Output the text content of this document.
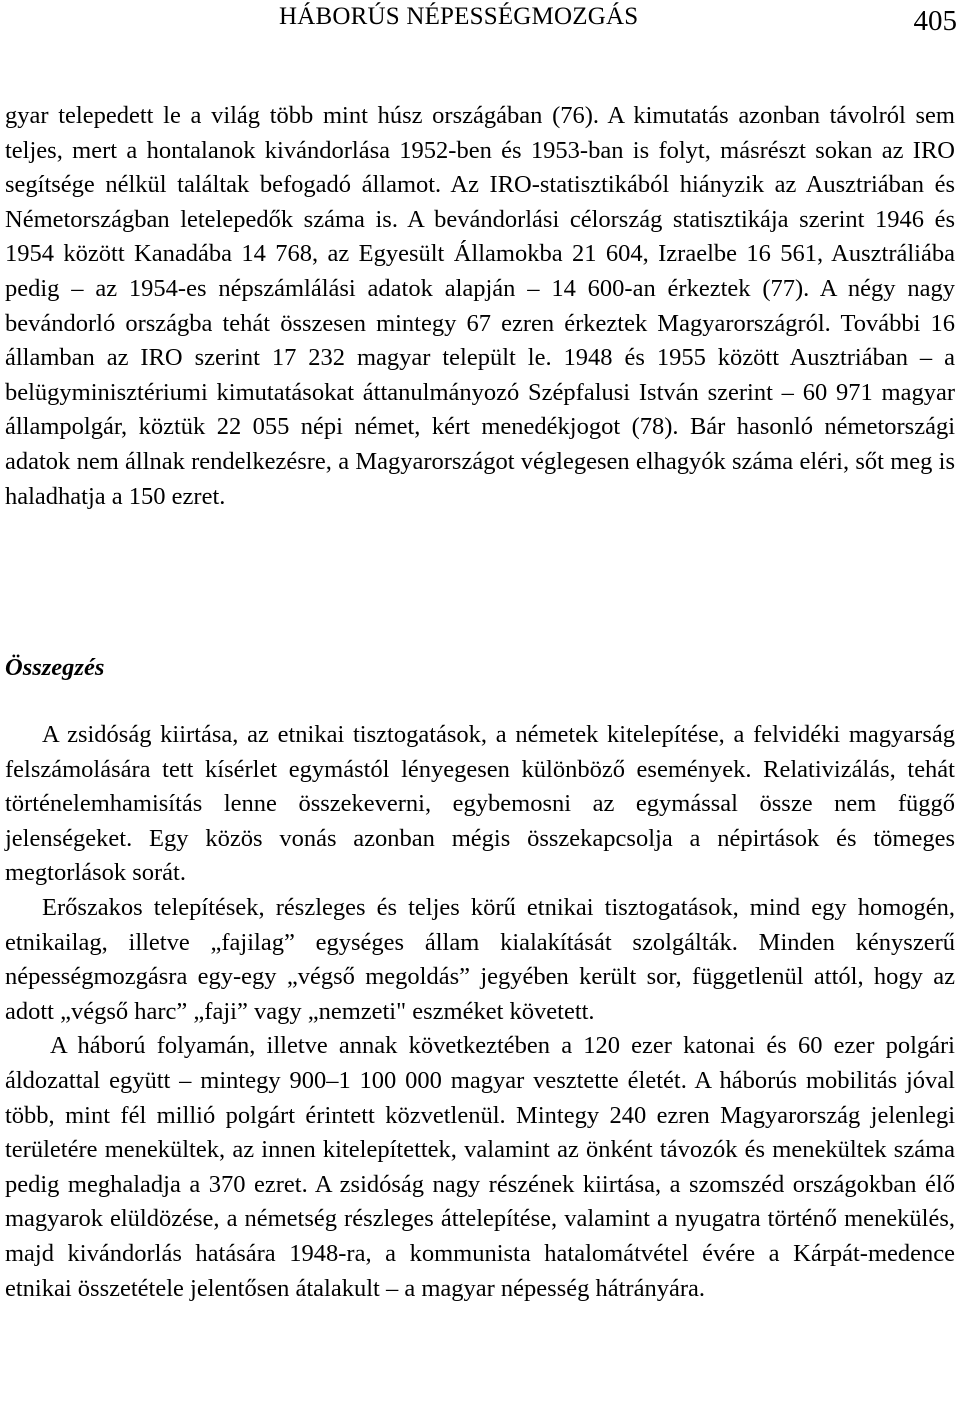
HÁBORÚS NÉPESSÉGMOZGÁS	405

gyar telepedett le a világ több mint húsz országában (76). A kimutatás azonban távolról sem teljes, mert a hontalanok kivándorlása 1952-ben és 1953-ban is folyt, másrészt sokan az IRO segítsége nélkül találtak befogadó államot. Az IRO-statisztikából hiányzik az Ausztriában és Németországban letelepedők száma is. A bevándorlási célország statisztikája szerint 1946 és 1954 között Kanadába 14 768, az Egyesült Államokba 21 604, Izraelbe 16 561, Ausztráliába pedig – az 1954-es népszámlálási adatok alapján – 14 600-an érkeztek (77). A négy nagy bevándorló országba tehát összesen mintegy 67 ezren érkeztek Magyarországról. További 16 államban az IRO szerint 17 232 magyar települt le. 1948 és 1955 között Ausztriában – a belügyminisztériumi kimutatásokat áttanulmányozó Szépfalusi István szerint – 60 971 magyar állampolgár, köztük 22 055 népi német, kért menedékjogot (78). Bár hasonló németországi adatok nem állnak rendelkezésre, a Magyarországot véglegesen elhagyók száma eléri, sőt meg is haladhatja a 150 ezret.

Összegzés

A zsidóság kiirtása, az etnikai tisztogatások, a németek kitelepítése, a felvidéki magyarság felszámolására tett kísérlet egymástól lényegesen különböző események. Relativizálás, tehát történelemhamisítás lenne összekeverni, egybemosni az egymással össze nem függő jelenségeket. Egy közös vonás azonban mégis összekapcsolja a népirtások és tömeges megtorlások sorát.

Erőszakos telepítések, részleges és teljes körű etnikai tisztogatások, mind egy homogén, etnikailag, illetve „fajilag” egységes állam kialakítását szolgálták. Minden kényszerű népességmozgásra egy-egy „végső megoldás” jegyében került sor, függetlenül attól, hogy az adott „végső harc” „faji” vagy „nemzeti" eszméket követett.

A háború folyamán, illetve annak következtében a 120 ezer katonai és 60 ezer polgári áldozattal együtt – mintegy 900–1 100 000 magyar vesztette életét. A háborús mobilitás jóval több, mint fél millió polgárt érintett közvetlenül. Mintegy 240 ezren Magyarország jelenlegi területére menekültek, az innen kitelepítettek, valamint az önként távozók és menekültek száma pedig meghaladja a 370 ezret. A zsidóság nagy részének kiirtása, a szomszéd országokban élő magyarok elüldözése, a németség részleges áttelepítése, valamint a nyugatra történő menekülés, majd kivándorlás hatására 1948-ra, a kommunista hatalomátvétel évére a Kárpát-medence etnikai összetétele jelentősen átalakult – a magyar népesség hátrányára.
